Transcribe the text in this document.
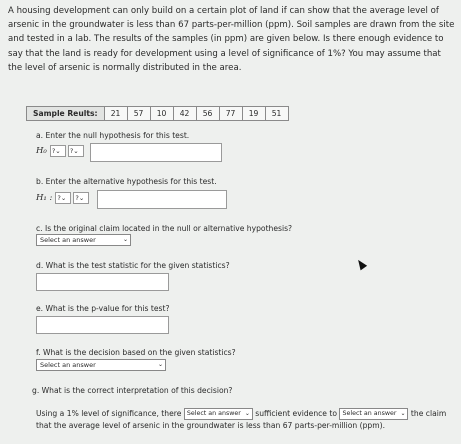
A housing development can only build on a certain plot of land if can show that the average level of arsenic in the groundwater is less than 67 parts-per-million (ppm). Soil samples are drawn from the site and tested in a lab. The results of the samples (in ppm) are given below. Is there enough evidence to say that the land is ready for development using a level of significance of 1%? You may assume that the level of arsenic is normally distributed in the area.
Sample Reults:	21	57	10	42	56	77	19	51
a. Enter the null hypothesis for this test.
H₀ ?⌄	?⌄
b. Enter the alternative hypothesis for this test.
H₁ : ?⌄	?⌄
c. Is the original claim located in the null or alternative hypothesis?
Select an answer	⌄
d. What is the test statistic for the given statistics?
e. What is the p-value for this test?
f. What is the decision based on the given statistics?
Select an answer	⌄
g. What is the correct interpretation of this decision?
Using a 1% level of significance, there Select an answer ⌄ sufficient evidence to Select an answer ⌄ the claim that the average level of arsenic in the groundwater is less than 67 parts-per-million (ppm).
